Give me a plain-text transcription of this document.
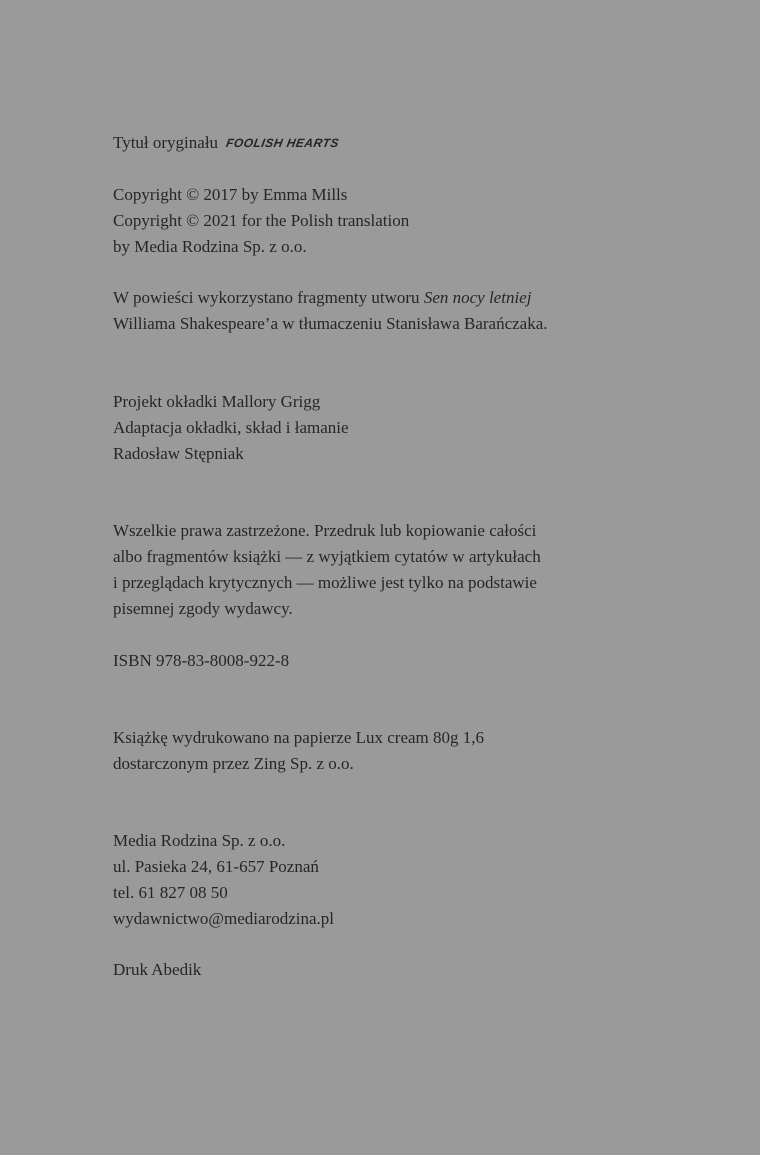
Tytuł oryginału FOOLISH HEARTS
Copyright © 2017 by Emma Mills
Copyright © 2021 for the Polish translation
by Media Rodzina Sp. z o.o.
W powieści wykorzystano fragmenty utworu Sen nocy letniej
Williama Shakespeare’a w tłumaczeniu Stanisława Barańczaka.
Projekt okładki Mallory Grigg
Adaptacja okładki, skład i łamanie
Radosław Stępniak
Wszelkie prawa zastrzeżone. Przedruk lub kopiowanie całości
albo fragmentów książki — z wyjątkiem cytatów w artykułach
i przeglądach krytycznych — możliwe jest tylko na podstawie
pisemnej zgody wydawcy.
ISBN 978-83-8008-922-8
Książkę wydrukowano na papierze Lux cream 80g 1,6
dostarczonym przez Zing Sp. z o.o.
Media Rodzina Sp. z o.o.
ul. Pasieka 24, 61-657 Poznań
tel. 61 827 08 50
wydawnictwo@mediarodzina.pl
Druk Abedik
